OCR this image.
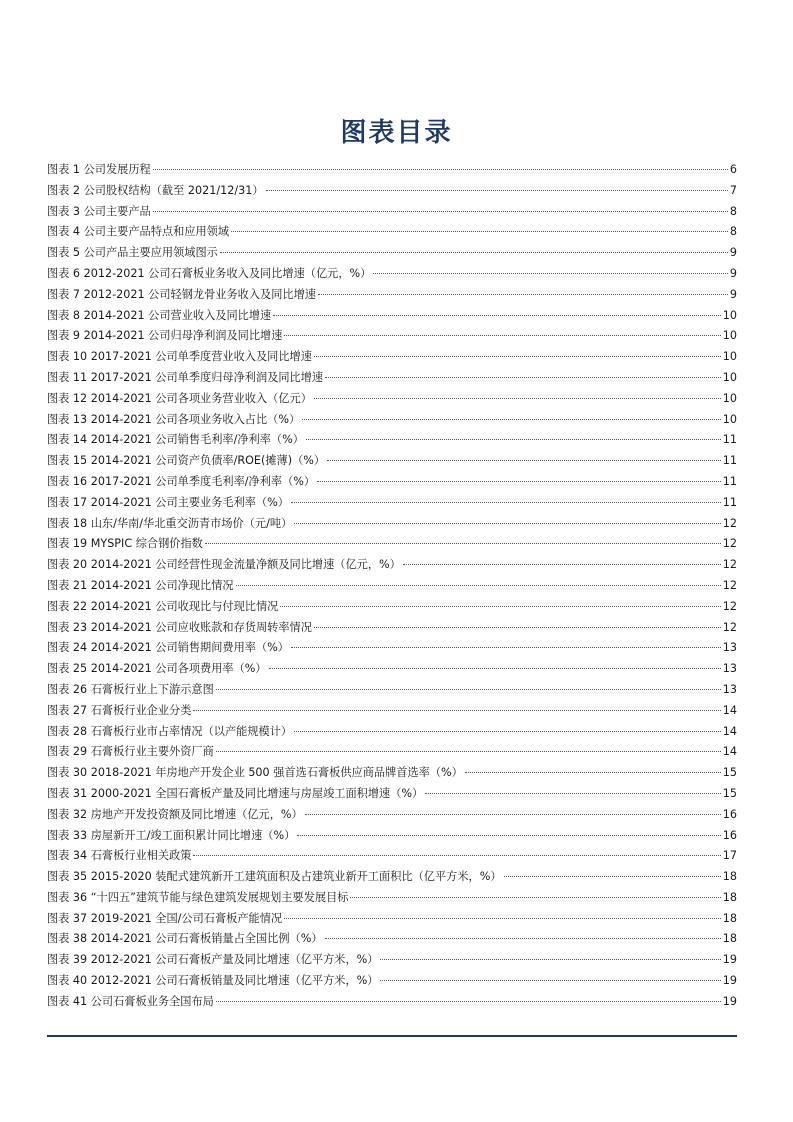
图表目录
图表 1 公司发展历程	6
图表 2 公司股权结构（截至 2021/12/31）	7
图表 3 公司主要产品	8
图表 4 公司主要产品特点和应用领域	8
图表 5 公司产品主要应用领域图示	9
图表 6 2012-2021 公司石膏板业务收入及同比增速（亿元，%）	9
图表 7 2012-2021 公司轻钢龙骨业务收入及同比增速	9
图表 8 2014-2021 公司营业收入及同比增速	10
图表 9 2014-2021 公司归母净利润及同比增速	10
图表 10 2017-2021 公司单季度营业收入及同比增速	10
图表 11 2017-2021 公司单季度归母净利润及同比增速	10
图表 12 2014-2021 公司各项业务营业收入（亿元）	10
图表 13 2014-2021 公司各项业务收入占比（%）	10
图表 14 2014-2021 公司销售毛利率/净利率（%）	11
图表 15 2014-2021 公司资产负债率/ROE(摊薄)（%）	11
图表 16 2017-2021 公司单季度毛利率/净利率（%）	11
图表 17 2014-2021 公司主要业务毛利率（%）	11
图表 18 山东/华南/华北重交沥青市场价（元/吨）	12
图表 19 MYSPIC 综合钢价指数	12
图表 20 2014-2021 公司经营性现金流量净额及同比增速（亿元，%）	12
图表 21 2014-2021 公司净现比情况	12
图表 22 2014-2021 公司收现比与付现比情况	12
图表 23 2014-2021 公司应收账款和存货周转率情况	12
图表 24 2014-2021 公司销售期间费用率（%）	13
图表 25 2014-2021 公司各项费用率（%）	13
图表 26 石膏板行业上下游示意图	13
图表 27 石膏板行业企业分类	14
图表 28 石膏板行业市占率情况（以产能规模计）	14
图表 29 石膏板行业主要外资厂商	14
图表 30 2018-2021 年房地产开发企业 500 强首选石膏板供应商品牌首选率（%）	15
图表 31 2000-2021 全国石膏板产量及同比增速与房屋竣工面积增速（%）	15
图表 32 房地产开发投资额及同比增速（亿元，%）	16
图表 33 房屋新开工/竣工面积累计同比增速（%）	16
图表 34 石膏板行业相关政策	17
图表 35 2015-2020 装配式建筑新开工建筑面积及占建筑业新开工面积比（亿平方米，%）	18
图表 36 “十四五”建筑节能与绿色建筑发展规划主要发展目标	18
图表 37 2019-2021 全国/公司石膏板产能情况	18
图表 38 2014-2021 公司石膏板销量占全国比例（%）	18
图表 39 2012-2021 公司石膏板产量及同比增速（亿平方米，%）	19
图表 40 2012-2021 公司石膏板销量及同比增速（亿平方米，%）	19
图表 41 公司石膏板业务全国布局	19
